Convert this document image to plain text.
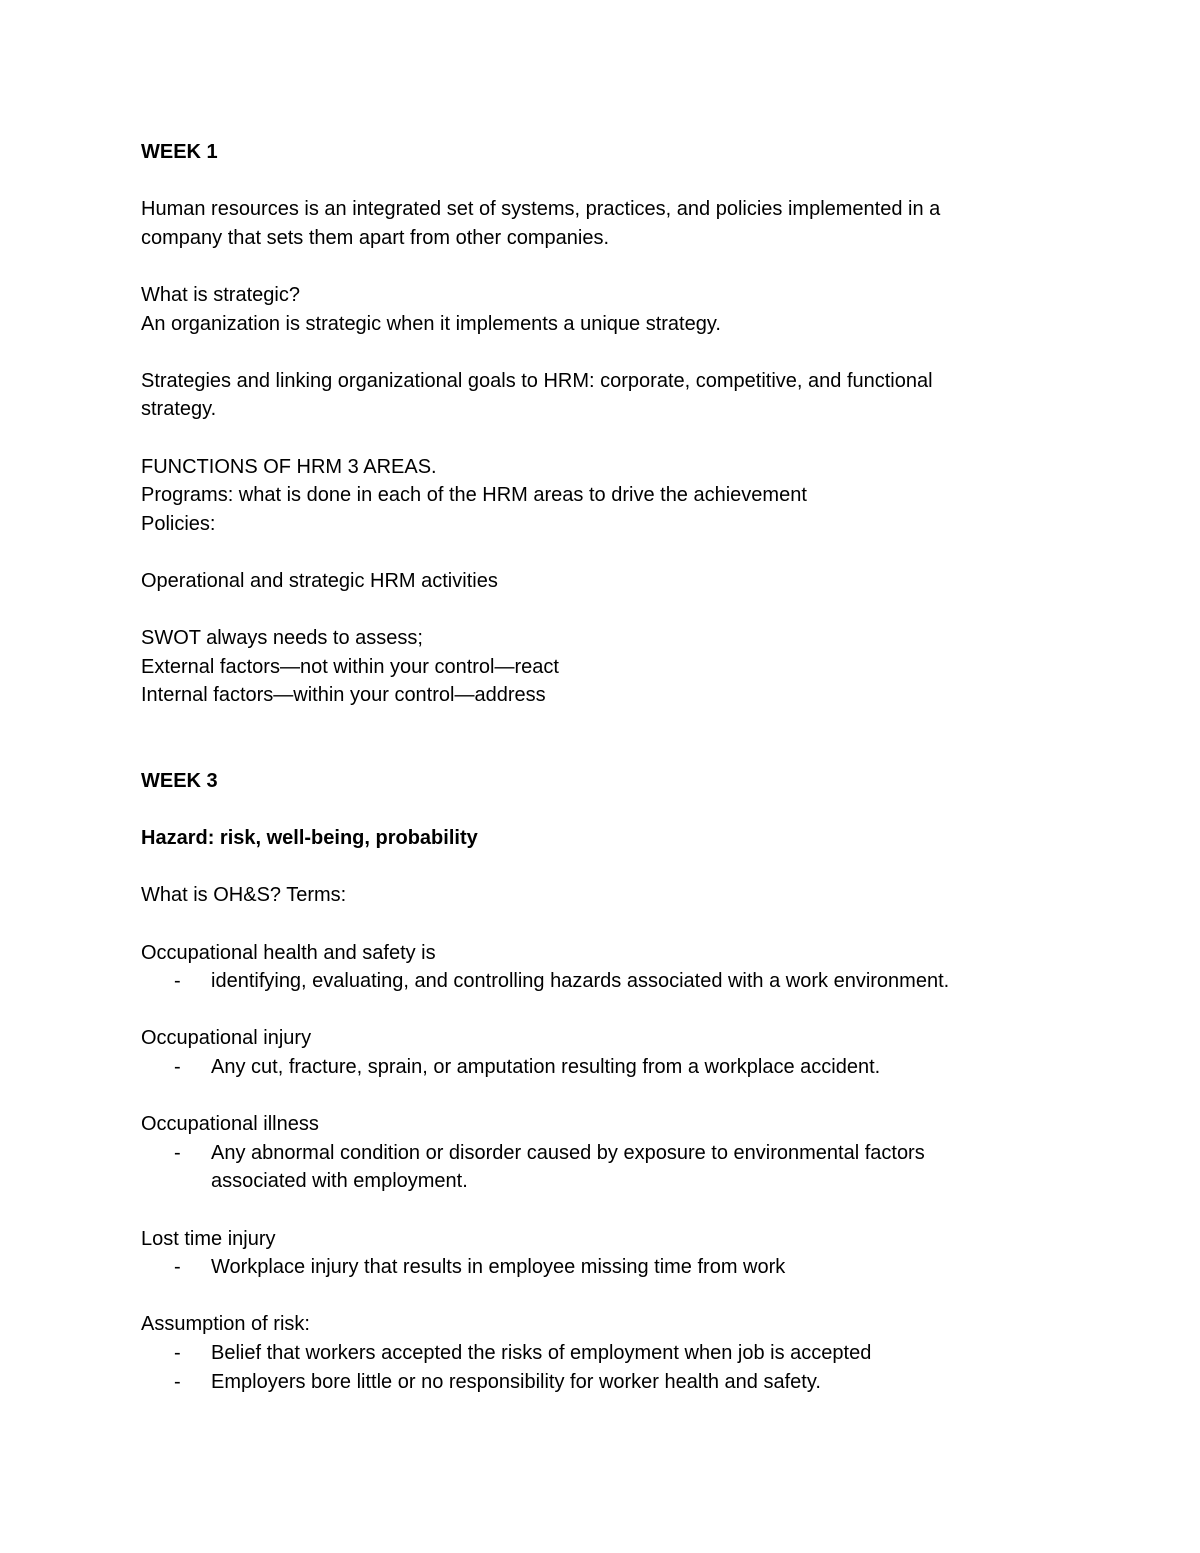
WEEK 1
Human resources is an integrated set of systems, practices, and policies implemented in a
company that sets them apart from other companies.
What is strategic?
An organization is strategic when it implements a unique strategy.
Strategies and linking organizational goals to HRM: corporate, competitive, and functional
strategy.
FUNCTIONS OF HRM 3 AREAS.
Programs: what is done in each of the HRM areas to drive the achievement
Policies:
Operational and strategic HRM activities
SWOT always needs to assess;
External factors—not within your control—react
Internal factors—within your control—address
WEEK 3
Hazard: risk, well-being, probability
What is OH&S? Terms:
Occupational health and safety is
-	identifying, evaluating, and controlling hazards associated with a work environment.
Occupational injury
-	Any cut, fracture, sprain, or amputation resulting from a workplace accident.
Occupational illness
-	Any abnormal condition or disorder caused by exposure to environmental factors associated with employment.
Lost time injury
-	Workplace injury that results in employee missing time from work
Assumption of risk:
-	Belief that workers accepted the risks of employment when job is accepted
-	Employers bore little or no responsibility for worker health and safety.
